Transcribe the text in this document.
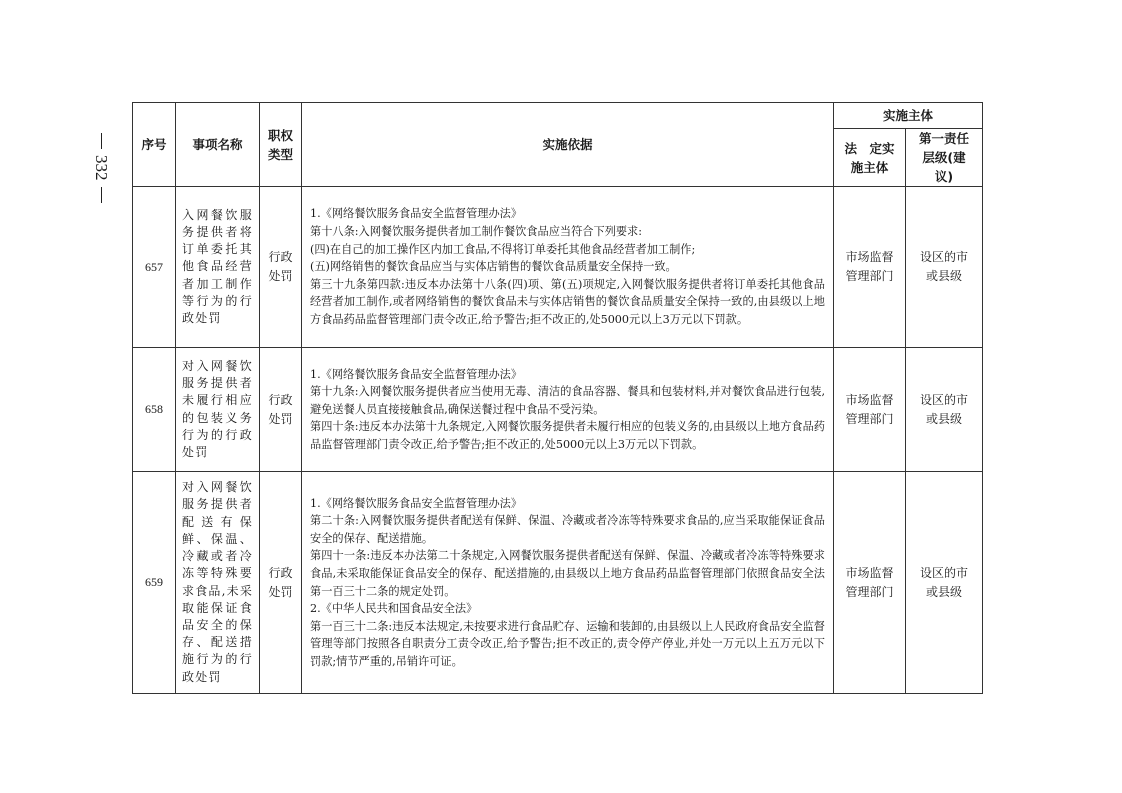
332
序号	事项名称	职权类型	实施依据	实施主体	
				法　定实施主体	第一责任层级(建议)
657	入网餐饮服务提供者将订单委托其他食品经营者加工制作等行为的行政处罚	行政处罚	1.《网络餐饮服务食品安全监督管理办法》
第十八条:入网餐饮服务提供者加工制作餐饮食品应当符合下列要求:
(四)在自己的加工操作区内加工食品,不得将订单委托其他食品经营者加工制作;
(五)网络销售的餐饮食品应当与实体店销售的餐饮食品质量安全保持一致。
第三十九条第四款:违反本办法第十八条(四)项、第(五)项规定,入网餐饮服务提供者将订单委托其他食品经营者加工制作,或者网络销售的餐饮食品未与实体店销售的餐饮食品质量安全保持一致的,由县级以上地方食品药品监督管理部门责令改正,给予警告;拒不改正的,处5000元以上3万元以下罚款。	市场监督管理部门	设区的市或县级
658	对入网餐饮服务提供者未履行相应的包装义务行为的行政处罚	行政处罚	1.《网络餐饮服务食品安全监督管理办法》
第十九条:入网餐饮服务提供者应当使用无毒、清洁的食品容器、餐具和包装材料,并对餐饮食品进行包装,避免送餐人员直接接触食品,确保送餐过程中食品不受污染。
第四十条:违反本办法第十九条规定,入网餐饮服务提供者未履行相应的包装义务的,由县级以上地方食品药品监督管理部门责令改正,给予警告;拒不改正的,处5000元以上3万元以下罚款。	市场监督管理部门	设区的市或县级
659	对入网餐饮服务提供者配送有保鲜、保温、冷藏或者冷冻等特殊要求食品,未采取能保证食品安全的保存、配送措施行为的行政处罚	行政处罚	1.《网络餐饮服务食品安全监督管理办法》
第二十条:入网餐饮服务提供者配送有保鲜、保温、冷藏或者冷冻等特殊要求食品的,应当采取能保证食品安全的保存、配送措施。
第四十一条:违反本办法第二十条规定,入网餐饮服务提供者配送有保鲜、保温、冷藏或者冷冻等特殊要求食品,未采取能保证食品安全的保存、配送措施的,由县级以上地方食品药品监督管理部门依照食品安全法第一百三十二条的规定处罚。
2.《中华人民共和国食品安全法》
第一百三十二条:违反本法规定,未按要求进行食品贮存、运输和装卸的,由县级以上人民政府食品安全监督管理等部门按照各自职责分工责令改正,给予警告;拒不改正的,责令停产停业,并处一万元以上五万元以下罚款;情节严重的,吊销许可证。	市场监督管理部门	设区的市或县级
